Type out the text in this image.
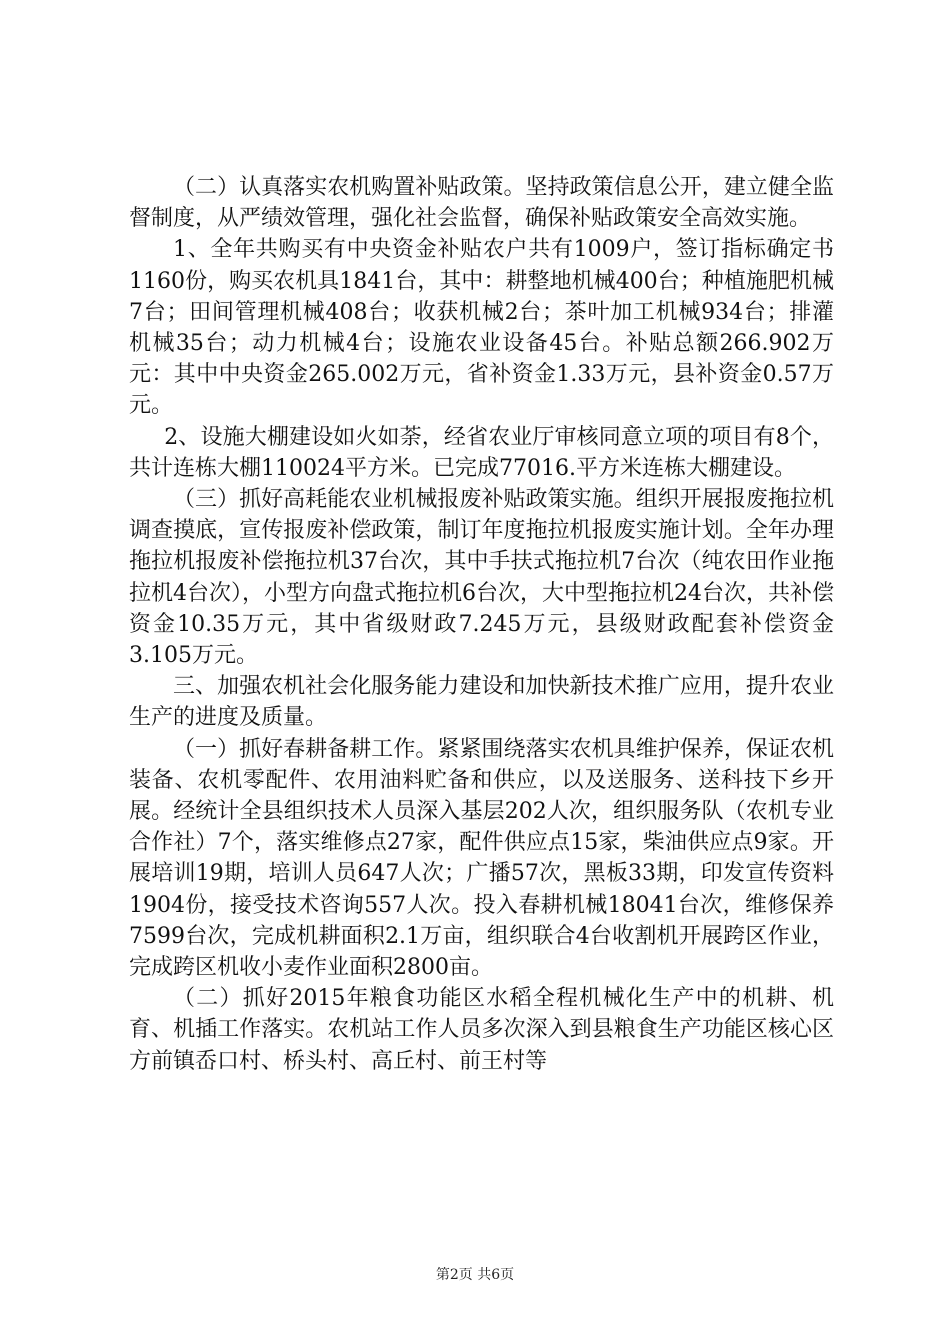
（二）认真落实农机购置补贴政策。坚持政策信息公开，建立健全监督制度，从严绩效管理，强化社会监督，确保补贴政策安全高效实施。

1、全年共购买有中央资金补贴农户共有1009户，签订指标确定书1160份，购买农机具1841台，其中：耕整地机械400台；种植施肥机械7台；田间管理机械408台；收获机械2台；茶叶加工机械934台；排灌机械35台；动力机械4台；设施农业设备45台。补贴总额266.902万元：其中中央资金265.002万元，省补资金1.33万元，县补资金0.57万元。

2、设施大棚建设如火如荼，经省农业厅审核同意立项的项目有8个，共计连栋大棚110024平方米。已完成77016.平方米连栋大棚建设。

（三）抓好高耗能农业机械报废补贴政策实施。组织开展报废拖拉机调查摸底，宣传报废补偿政策，制订年度拖拉机报废实施计划。全年办理拖拉机报废补偿拖拉机37台次，其中手扶式拖拉机7台次（纯农田作业拖拉机4台次），小型方向盘式拖拉机6台次，大中型拖拉机24台次，共补偿资金10.35万元，其中省级财政7.245万元，县级财政配套补偿资金3.105万元。

三、加强农机社会化服务能力建设和加快新技术推广应用，提升农业生产的进度及质量。

（一）抓好春耕备耕工作。紧紧围绕落实农机具维护保养，保证农机装备、农机零配件、农用油料贮备和供应，以及送服务、送科技下乡开展。经统计全县组织技术人员深入基层202人次，组织服务队（农机专业合作社）7个，落实维修点27家，配件供应点15家，柴油供应点9家。开展培训19期，培训人员647人次；广播57次，黑板33期，印发宣传资料1904份，接受技术咨询557人次。投入春耕机械18041台次，维修保养7599台次，完成机耕面积2.1万亩，组织联合4台收割机开展跨区作业，完成跨区机收小麦作业面积2800亩。

（二）抓好2015年粮食功能区水稻全程机械化生产中的机耕、机育、机插工作落实。农机站工作人员多次深入到县粮食生产功能区核心区方前镇岙口村、桥头村、高丘村、前王村等

第2页 共6页
